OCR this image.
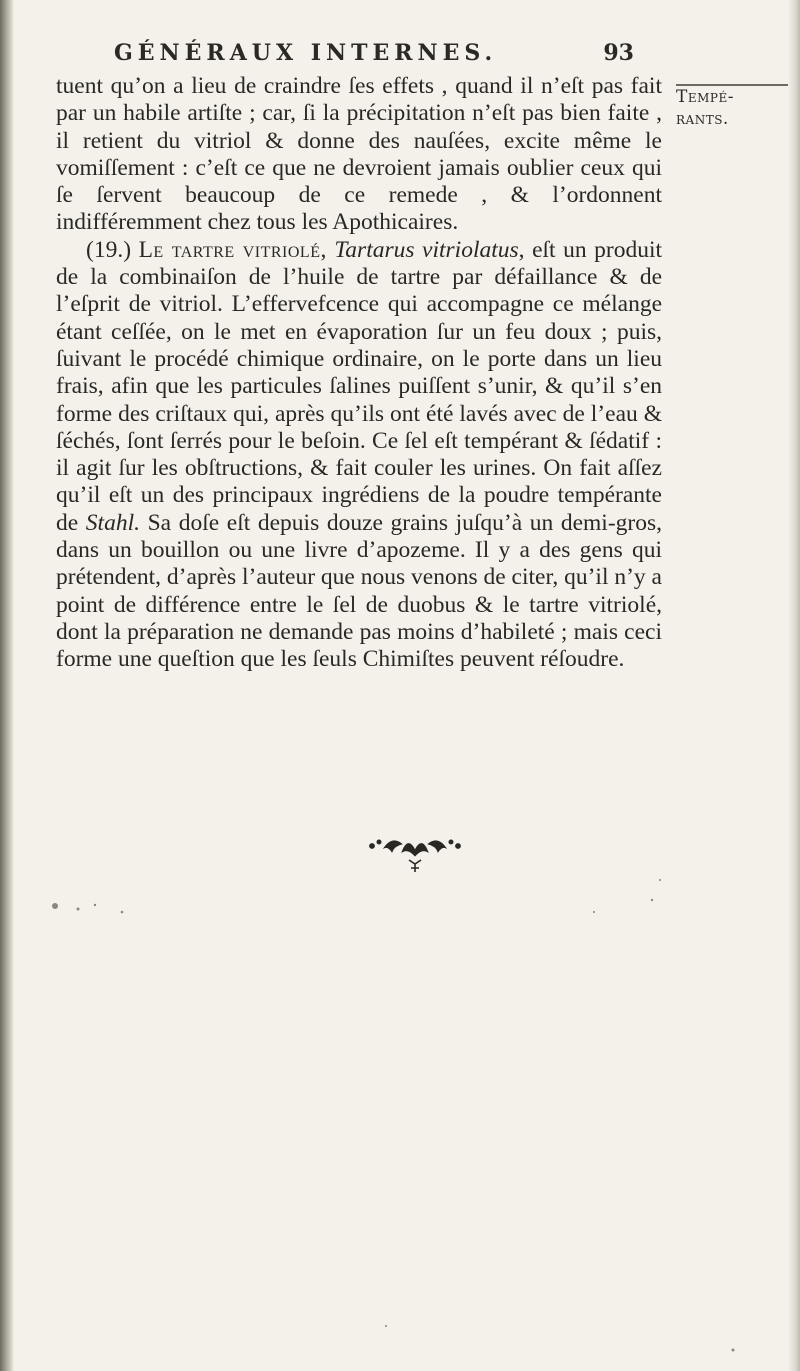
GÉNÉRAUX INTERNES.	93
Tempé-
rants.

tuent qu’on a lieu de craindre ſes effets , quand il n’eſt pas fait par un habile artiſte ; car, ſi la précipitation n’eſt pas bien faite , il retient du vitriol & donne des nauſées, excite même le vomiſſement : c’eſt ce que ne devroient jamais oublier ceux qui ſe ſervent beaucoup de ce remede , & l’ordonnent indifféremment chez tous les Apothicaires.

(19.) Le tartre vitriolé, Tartarus vitriolatus, eſt un produit de la combinaiſon de l’huile de tartre par défaillance & de l’eſprit de vitriol. L’effervefcence qui accompagne ce mélange étant ceſſée, on le met en évaporation ſur un feu doux ; puis, ſuivant le procédé chimique ordinaire, on le porte dans un lieu frais, afin que les particules ſalines puiſſent s’unir, & qu’il s’en forme des criſtaux qui, après qu’ils ont été lavés avec de l’eau & ſéchés, ſont ſerrés pour le beſoin. Ce ſel eſt tempérant & ſédatif : il agit ſur les obſtructions, & fait couler les urines. On fait aſſez qu’il eſt un des principaux ingrédiens de la poudre tempérante de Stahl. Sa doſe eſt depuis douze grains juſqu’à un demi-gros, dans un bouillon ou une livre d’apozeme. Il y a des gens qui prétendent, d’après l’auteur que nous venons de citer, qu’il n’y a point de différence entre le ſel de duobus & le tartre vitriolé, dont la préparation ne demande pas moins d’habileté ; mais ceci forme une queſtion que les ſeuls Chimiſtes peuvent réſoudre.
